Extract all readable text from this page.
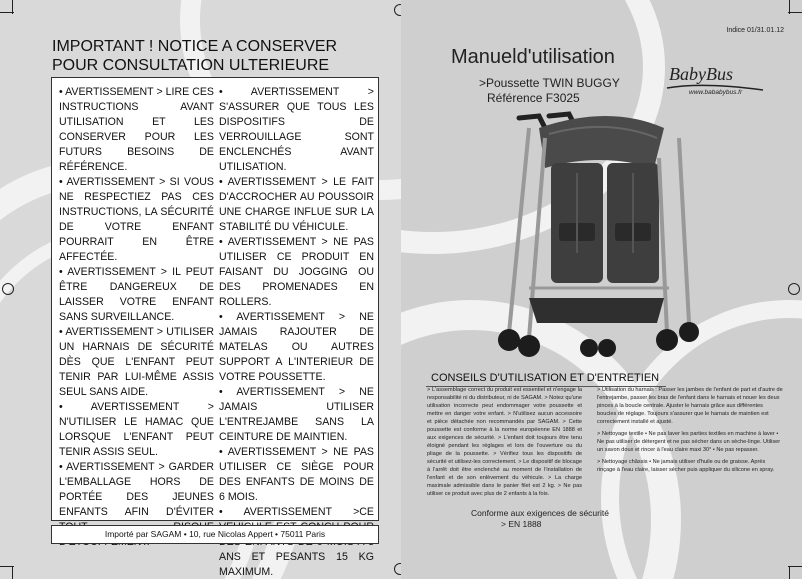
IMPORTANT ! NOTICE A CONSERVER
POUR CONSULTATION ULTERIEURE

• AVERTISSEMENT > LIRE CES INSTRUCTIONS AVANT UTILISATION ET LES CONSERVER POUR LES FUTURS BESOINS DE RÉFÉRENCE.

• AVERTISSEMENT > SI VOUS NE RESPECTIEZ PAS CES INSTRUCTIONS, LA SÉCURITÉ DE VOTRE ENFANT POURRAIT EN ÊTRE AFFECTÉE.

• AVERTISSEMENT > IL PEUT ÊTRE DANGEREUX DE LAISSER VOTRE ENFANT SANS SURVEILLANCE.

• AVERTISSEMENT > UTILISER UN HARNAIS DE SÉCURITÉ DÈS QUE L'ENFANT PEUT TENIR PAR LUI-MÊME ASSIS SEUL SANS AIDE.

• AVERTISSEMENT > N'UTILISER LE HAMAC QUE LORSQUE L'ENFANT PEUT TENIR ASSIS SEUL.

• AVERTISSEMENT > GARDER L'EMBALLAGE HORS DE PORTÉE DES JEUNES ENFANTS AFIN D'ÉVITER

• AVERTISSEMENT > S'ASSURER QUE TOUS LES DISPOSITIFS DE VERROUILLAGE SONT ENCLENCHÉS AVANT UTILISATION.

• AVERTISSEMENT > LE FAIT D'ACCROCHER AU POUSSOIR UNE CHARGE INFLUE SUR LA STABILITÉ DU VÉHICULE.

• AVERTISSEMENT > NE PAS UTILISER CE PRODUIT EN FAISANT DU JOGGING OU DES PROMENADES EN ROLLERS.

• AVERTISSEMENT > NE JAMAIS RAJOUTER DE MATELAS OU AUTRES SUPPORT A L'INTERIEUR DE VOTRE POUSSETTE.

• AVERTISSEMENT > NE JAMAIS UTILISER L'ENTREJAMBE SANS LA CEINTURE DE MAINTIEN.

• AVERTISSEMENT > NE PAS UTILISER CE SIÈGE POUR DES ENFANTS DE MOINS DE 6 MOIS.

• AVERTISSEMENT >CE ANS ET PESANTS 15 KG MAXIMUM.

Importé par SAGAM • 10, rue Nicolas Appert • 75011 Paris
Indice 01/31.01.12
Manueld'utilisation
>Poussette TWIN BUGGY
Référence F3025
BabyBus
www.bababybus.fr
CONSEILS D'UTILISATION ET D'ENTRETIEN

> L'assemblage correct du produit est essentiel et n'engage la responsabilité ni du distributeur, ni de SAGAM. > Notez qu'une utilisation incorrecte peut endommager votre poussette et mettre en danger votre enfant. > N'utilisez aucun accessoire et pièce détachée non recommandés par SAGAM. > Cette poussette est conforme à la norme européenne EN 1888 et aux exigences de sécurité. > L'enfant doit toujours être tenu éloigné pendant les réglages et lors de l'ouverture ou du pliage de la poussette. > Vérifiez tous les dispositifs de sécurité et utilisez-les correctement. > Le dispositif de blocage à l'arrêt doit être enclenché au moment de l'installation de l'enfant et de son enlèvement du véhicule. > La charge maximale admissible dans le panier filet est 2 kg. > Ne pas utiliser ce produit avec plus de 2 enfants à la fois.

> Utilisation du harnais : Passer les jambes de l'enfant de part et d'autre de l'entrejambe, passer les bras de l'enfant dans le harnais et nouer les deux pinces à la boucle centrale. Ajuster le harnais grâce aux différentes boucles de réglage. Toujours s'assurer que le harnais de maintien est correctement installé et ajusté.

> Nettoyage textile • Ne pas laver les parties textiles en machine à laver • Ne pas utiliser de détergent et ne pas sécher dans un sèche-linge. Utiliser un savon doux et rincer à l'eau claire maxi 30° • Ne pas repasser.

> Nettoyage châssis • Ne jamais utiliser d'huile ou de graisse. Après rinçage à l'eau claire, laisser sécher puis appliquer du silicone en spray.

Conforme aux exigences de sécurité
> EN 1888
